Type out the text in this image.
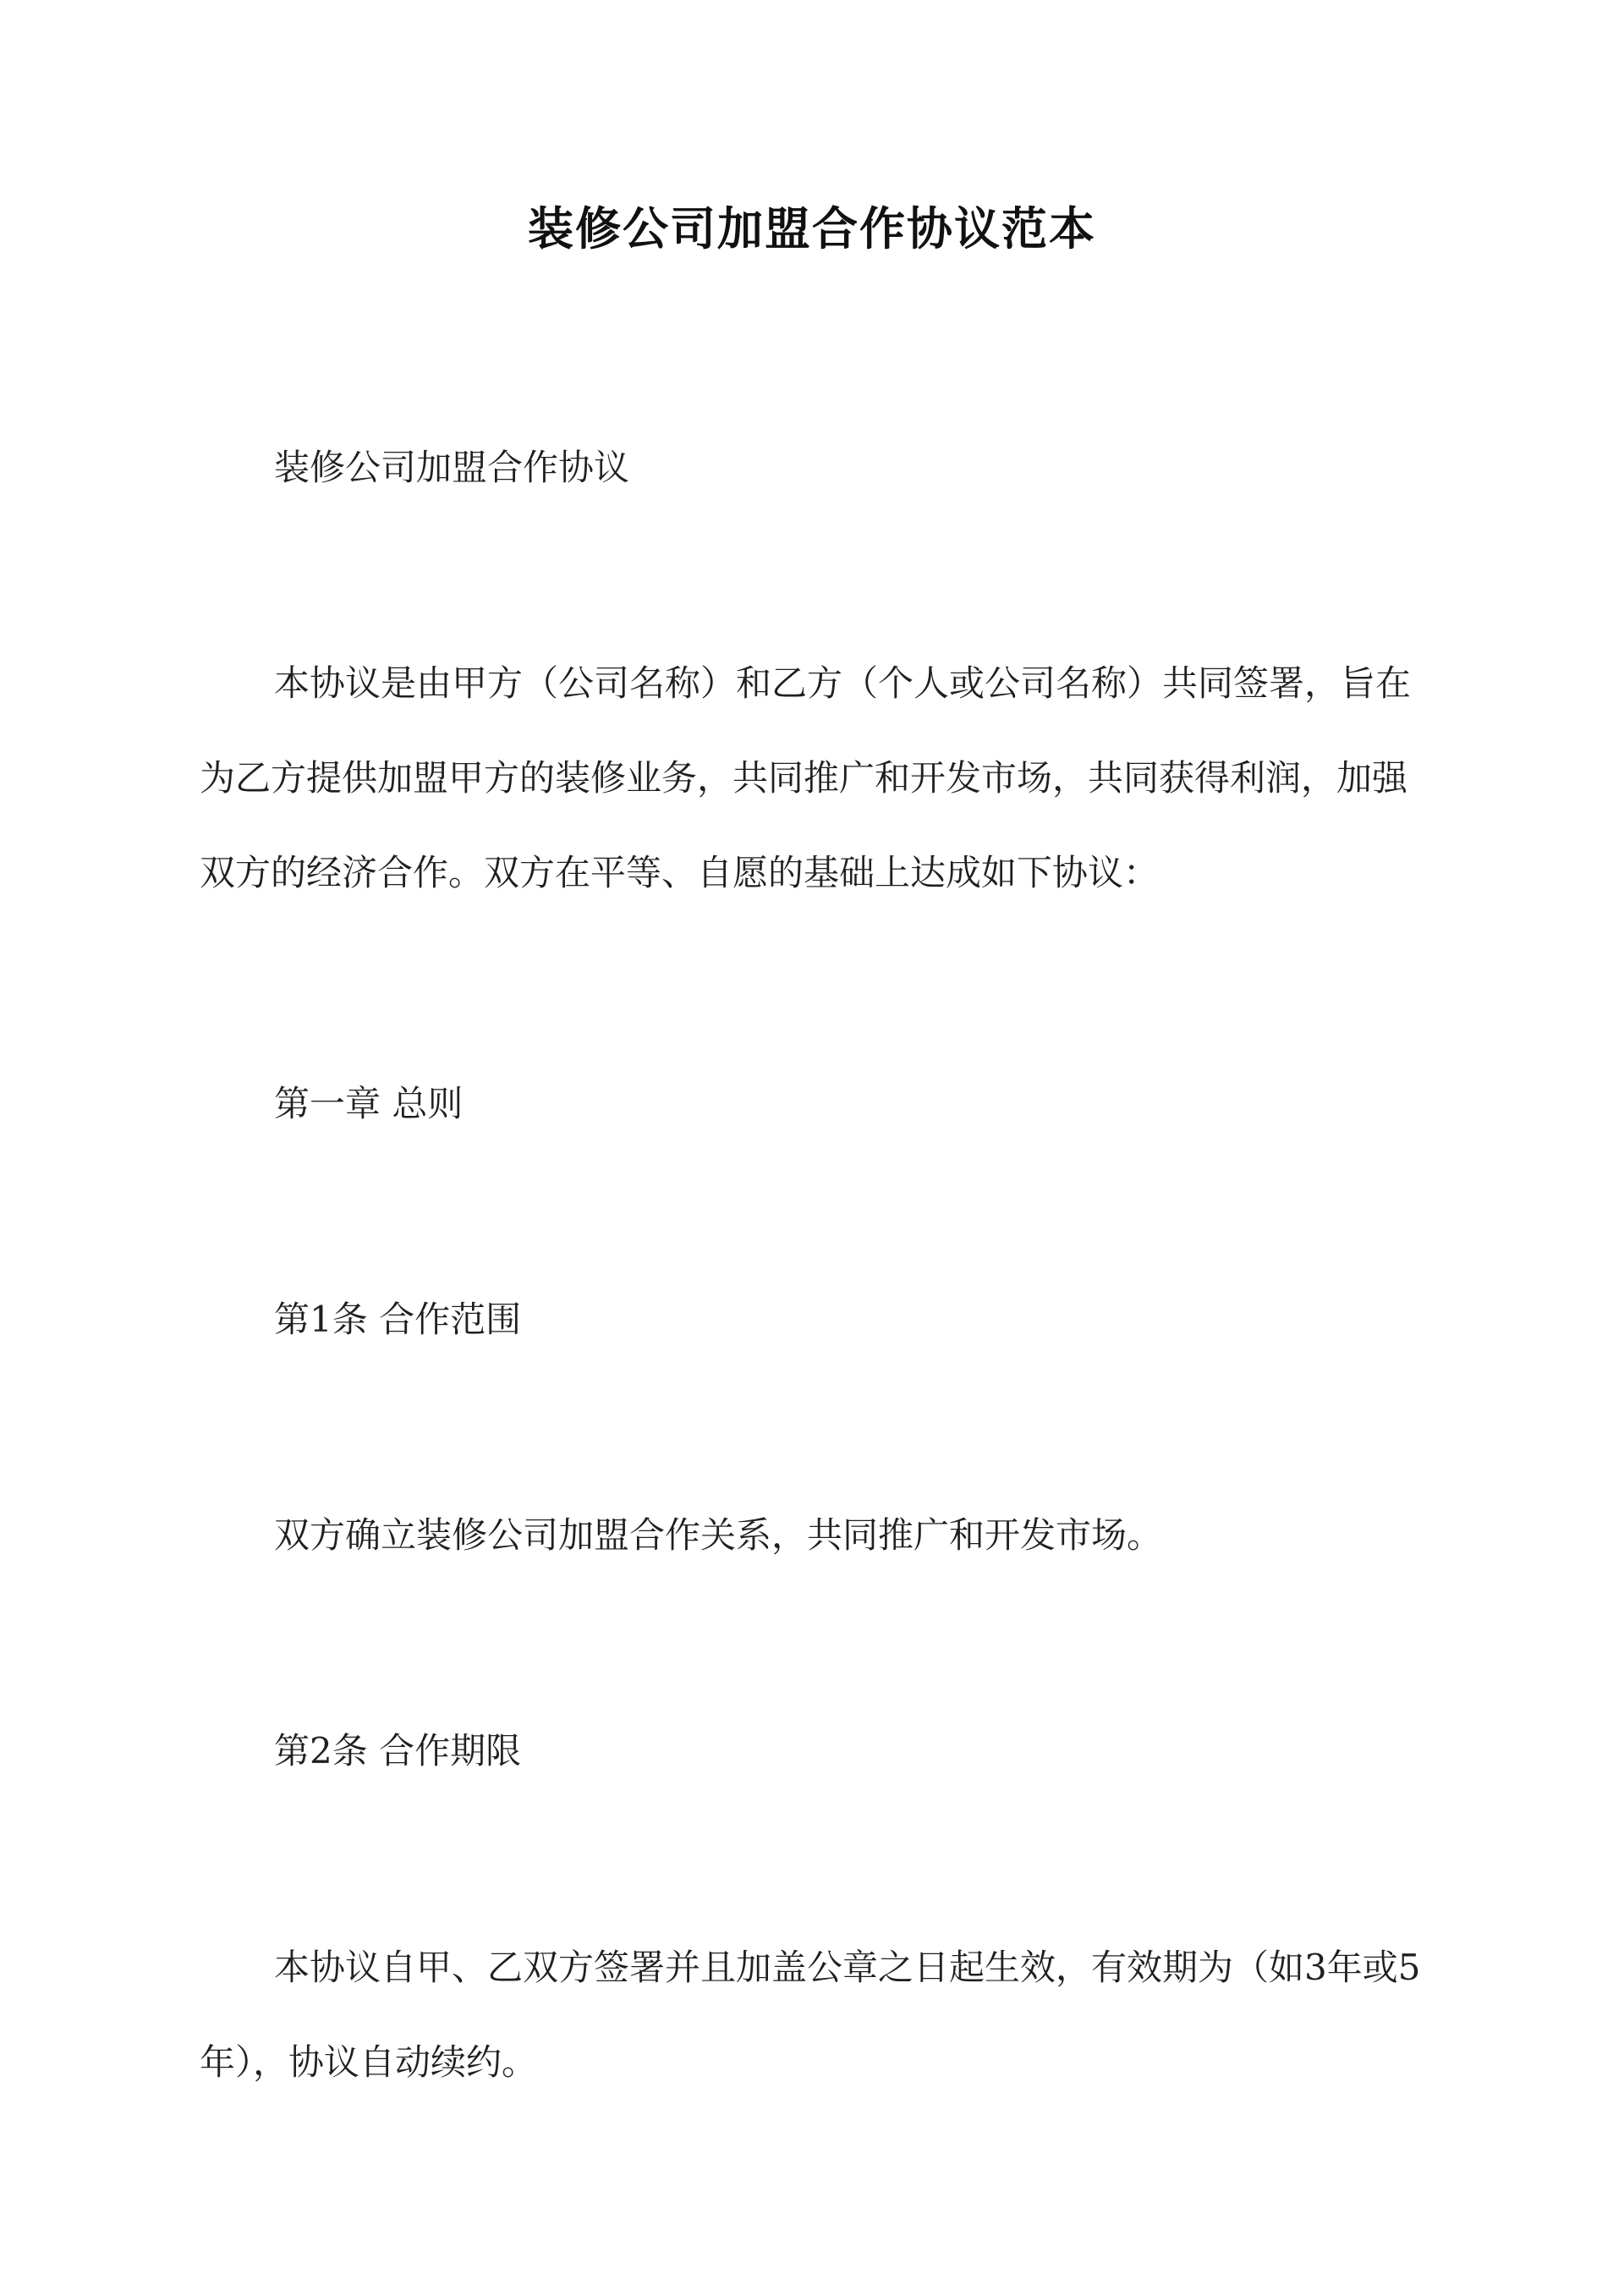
装修公司加盟合作协议范本
装修公司加盟合作协议
本协议是由甲方（公司名称）和乙方（个人或公司名称）共同签署，旨在为乙方提供加盟甲方的装修业务，共同推广和开发市场，共同获得利润，加强双方的经济合作。双方在平等、自愿的基础上达成如下协议：
第一章 总则
第1条 合作范围
双方确立装修公司加盟合作关系，共同推广和开发市场。
第2条 合作期限
本协议自甲、乙双方签署并且加盖公章之日起生效，有效期为（如3年或5年），协议自动续约。
